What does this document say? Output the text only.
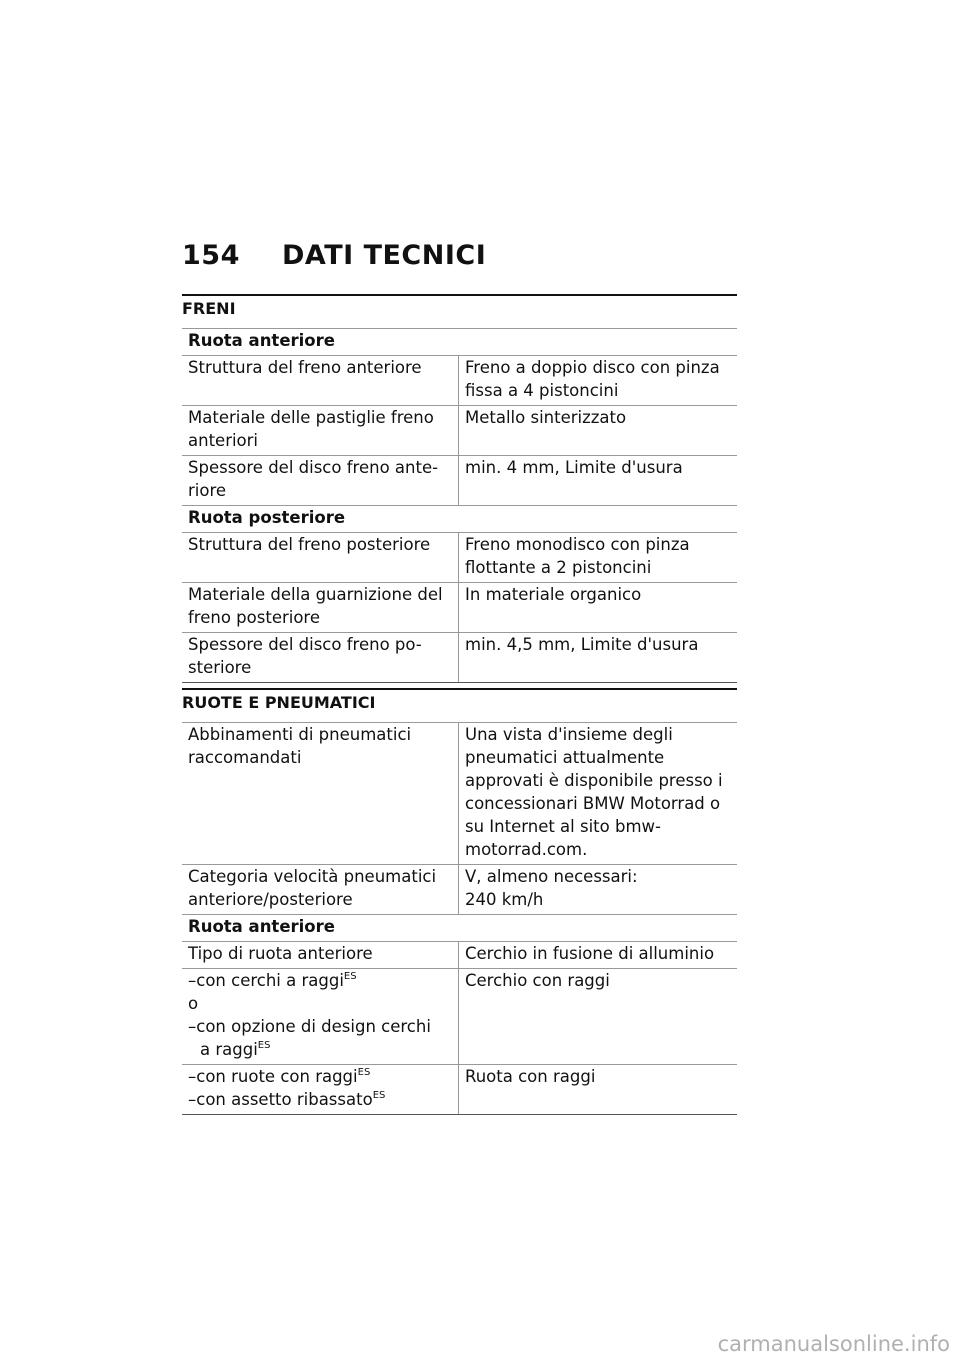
154 DATI TECNICI
FRENI
Ruota anteriore	
Struttura del freno anteriore	Freno a doppio disco con pinza fissa a 4 pistoncini
Materiale delle pastiglie freno anteriori	Metallo sinterizzato
Spessore del disco freno ante-riore	min. 4 mm, Limite d'usura
Ruota posteriore	
Struttura del freno posteriore	Freno monodisco con pinza flottante a 2 pistoncini
Materiale della guarnizione del freno posteriore	In materiale organico
Spessore del disco freno po-steriore	min. 4,5 mm, Limite d'usura
RUOTE E PNEUMATICI
Abbinamenti di pneumatici raccomandati	Una vista d'insieme degli pneumatici attualmente approvati è disponibile presso i concessionari BMW Motorrad o su Internet al sito bmw-motorrad.com.
Categoria velocità pneumatici anteriore/posteriore	V, almeno necessari:
240 km/h

Ruota anteriore	
Tipo di ruota anteriore	Cerchio in fusione di alluminio

–con cerchi a raggi$^{ES}$
o
–con opzione di design cerchi
a raggi$^{ES}$	Cerchio con raggi

–con ruote con raggi$^{ES}$
–con assetto ribassato$^{ES}$	Ruota con raggi
carmanualsonline.info
